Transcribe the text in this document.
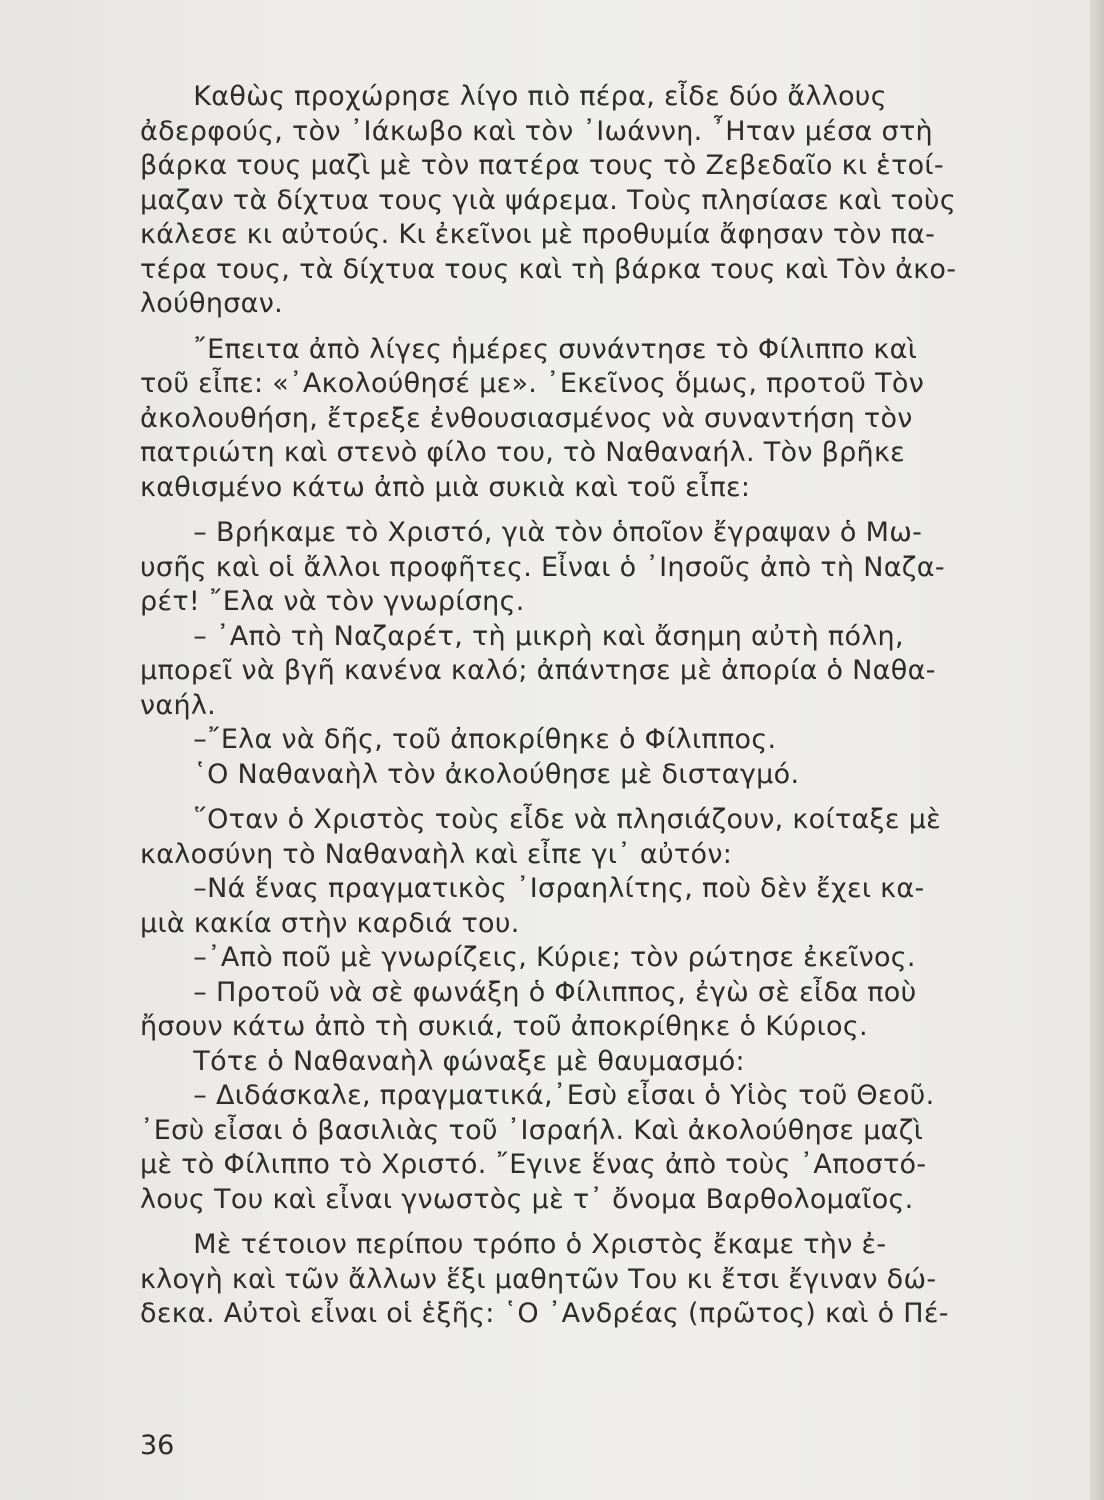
Καθὼς προχώρησε λίγο πιὸ πέρα, εἶδε δύο ἄλλους
ἀδερφούς, τὸν ᾽Ιάκωβο καὶ τὸν ᾽Ιωάννη. ῏Ηταν μέσα στὴ
βάρκα τους μαζὶ μὲ τὸν πατέρα τους τὸ Ζεβεδαῖο κι ἑτοί-
μαζαν τὰ δίχτυα τους γιὰ ψάρεμα. Τοὺς πλησίασε καὶ τοὺς
κάλεσε κι αὐτούς. Κι ἐκεῖνοι μὲ προθυμία ἄφησαν τὸν πα-
τέρα τους, τὰ δίχτυα τους καὶ τὴ βάρκα τους καὶ Τὸν ἀκο-
λούθησαν.
῎Επειτα ἀπὸ λίγες ἡμέρες συνάντησε τὸ Φίλιππο καὶ
τοῦ εἶπε: «᾽Ακολούθησέ με». ᾽Εκεῖνος ὅμως, προτοῦ Τὸν
ἀκολουθήση, ἔτρεξε ἐνθουσιασμένος νὰ συναντήση τὸν
πατριώτη καὶ στενὸ φίλο του, τὸ Ναθαναήλ. Τὸν βρῆκε
καθισμένο κάτω ἀπὸ μιὰ συκιὰ καὶ τοῦ εἶπε:
– Βρήκαμε τὸ Χριστό, γιὰ τὸν ὁποῖον ἔγραψαν ὁ Μω-
υσῆς καὶ οἱ ἄλλοι προφῆτες. Εἶναι ὁ ᾽Ιησοῦς ἀπὸ τὴ Ναζα-
ρέτ! ῎Ελα νὰ τὸν γνωρίσης.
– ᾽Απὸ τὴ Ναζαρέτ, τὴ μικρὴ καὶ ἄσημη αὐτὴ πόλη,
μπορεῖ νὰ βγῆ κανένα καλό; ἀπάντησε μὲ ἀπορία ὁ Ναθα-
ναήλ.
–῎Ελα νὰ δῆς, τοῦ ἀποκρίθηκε ὁ Φίλιππος.
῾Ο Ναθαναὴλ τὸν ἀκολούθησε μὲ δισταγμό.
῞Οταν ὁ Χριστὸς τοὺς εἶδε νὰ πλησιάζουν, κοίταξε μὲ
καλοσύνη τὸ Ναθαναὴλ καὶ εἶπε γι᾽ αὐτόν:
–Νά ἕνας πραγματικὸς ᾽Ισραηλίτης, ποὺ δὲν ἔχει κα-
μιὰ κακία στὴν καρδιά του.
–᾽Απὸ ποῦ μὲ γνωρίζεις, Κύριε; τὸν ρώτησε ἐκεῖνος.
– Προτοῦ νὰ σὲ φωνάξη ὁ Φίλιππος, ἐγὼ σὲ εἶδα ποὺ
ἤσουν κάτω ἀπὸ τὴ συκιά, τοῦ ἀποκρίθηκε ὁ Κύριος.
Τότε ὁ Ναθαναὴλ φώναξε μὲ θαυμασμό:
– Διδάσκαλε, πραγματικά,᾽Εσὺ εἶσαι ὁ Υἱὸς τοῦ Θεοῦ.
᾽Εσὺ εἶσαι ὁ βασιλιὰς τοῦ ᾽Ισραήλ. Καὶ ἀκολούθησε μαζὶ
μὲ τὸ Φίλιππο τὸ Χριστό. ῎Εγινε ἕνας ἀπὸ τοὺς ᾽Αποστό-
λους Του καὶ εἶναι γνωστὸς μὲ τ᾽ ὄνομα Βαρθολομαῖος.
Μὲ τέτοιον περίπου τρόπο ὁ Χριστὸς ἔκαμε τὴν ἐ-
κλογὴ καὶ τῶν ἄλλων ἕξι μαθητῶν Του κι ἔτσι ἔγιναν δώ-
δεκα. Αὐτοὶ εἶναι οἱ ἑξῆς: ῾Ο ᾽Ανδρέας (πρῶτος) καὶ ὁ Πέ-
36
